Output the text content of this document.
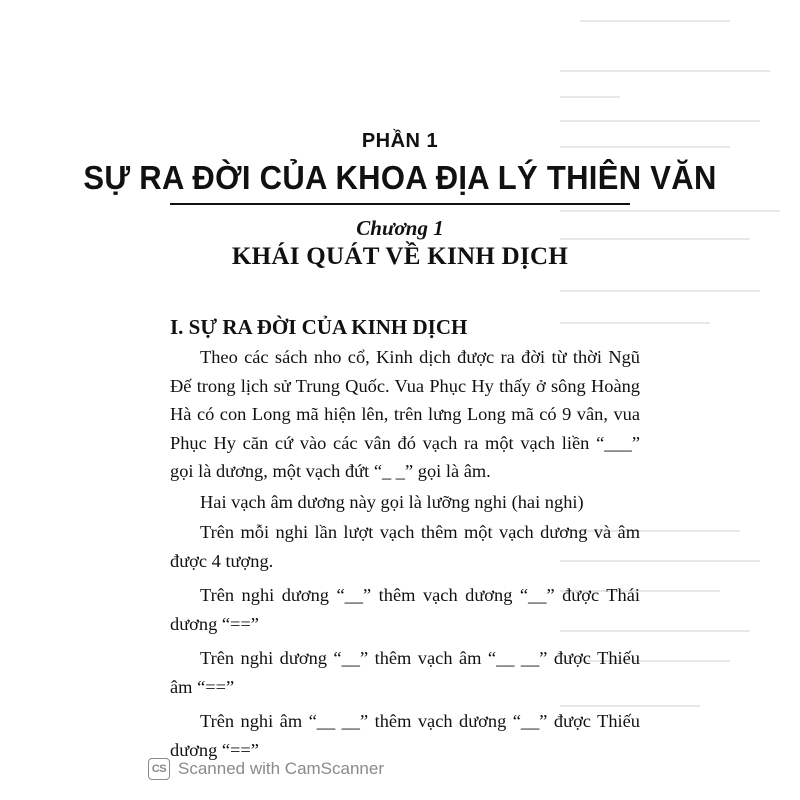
PHẦN 1
SỰ RA ĐỜI CỦA KHOA ĐỊA LÝ THIÊN VĂN
Chương 1
KHÁI QUÁT VỀ KINH DỊCH
I. SỰ RA ĐỜI CỦA KINH DỊCH

Theo các sách nho cổ, Kinh dịch được ra đời từ thời Ngũ Đế trong lịch sử Trung Quốc. Vua Phục Hy thấy ở sông Hoàng Hà có con Long mã hiện lên, trên lưng Long mã có 9 vân, vua Phục Hy căn cứ vào các vân đó vạch ra một vạch liền “___” gọi là dương, một vạch đứt “_ _” gọi là âm.

Hai vạch âm dương này gọi là lưỡng nghi (hai nghi)

Trên mỗi nghi lần lượt vạch thêm một vạch dương và âm được 4 tượng.

Trên nghi dương “__” thêm vạch dương “__” được Thái dương “==”

Trên nghi dương “__” thêm vạch âm “__ __” được Thiếu âm “==”

Trên nghi âm “__ __” thêm vạch dương “__” được Thiếu dương “==”

CS Scanned with CamScanner
